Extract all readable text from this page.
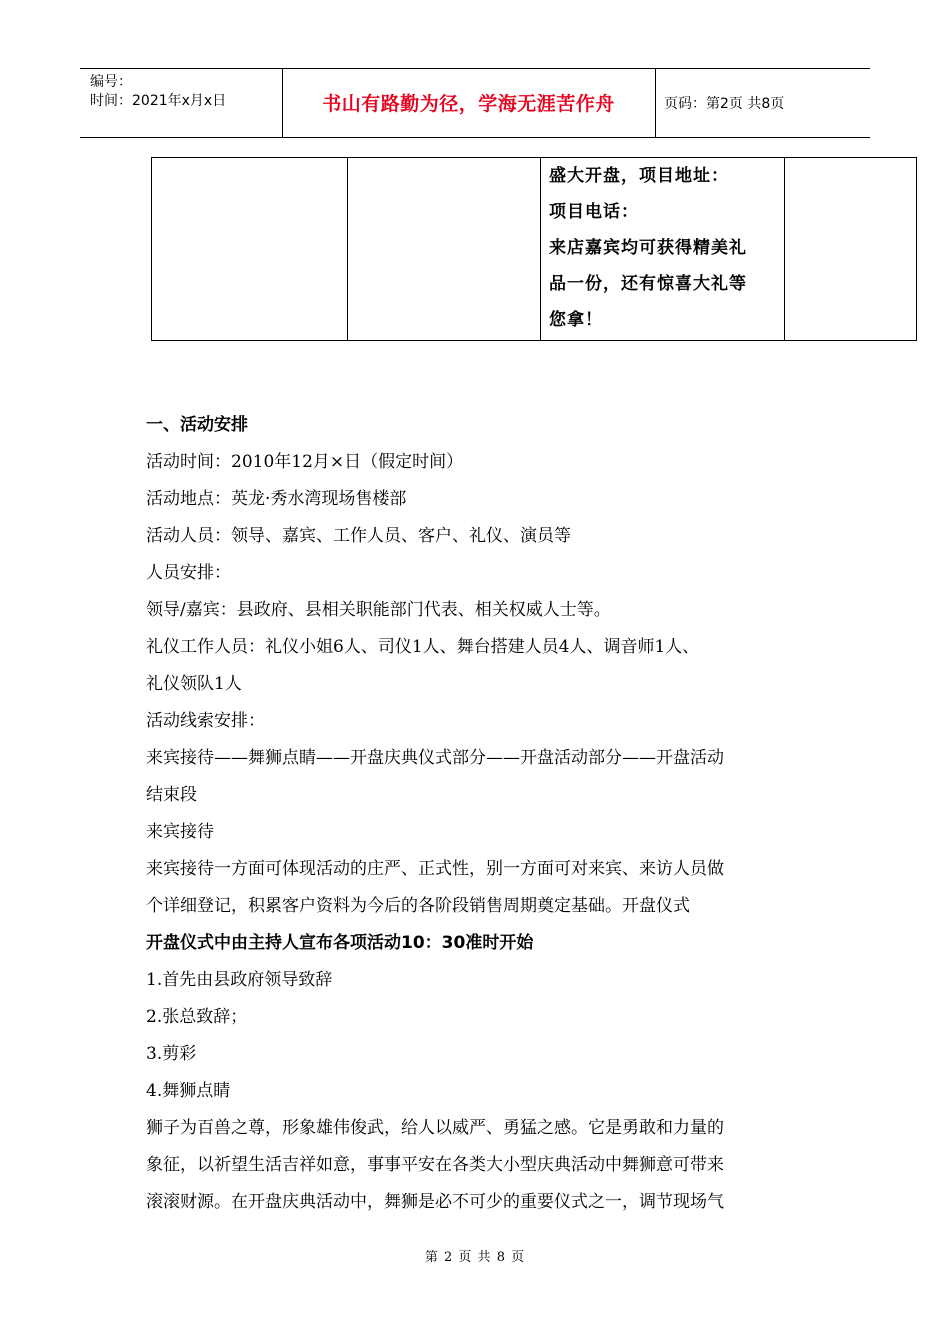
编号：
时间：2021年x月x日	书山有路勤为径，学海无涯苦作舟	页码：第2页 共8页
盛大开盘，项目地址：
项目电话：
来店嘉宾均可获得精美礼
品一份，还有惊喜大礼等
您拿！
一、活动安排
活动时间：2010年12月×日（假定时间）
活动地点：英龙·秀水湾现场售楼部
活动人员：领导、嘉宾、工作人员、客户、礼仪、演员等
人员安排：
领导/嘉宾：县政府、县相关职能部门代表、相关权威人士等。
礼仪工作人员：礼仪小姐6人、司仪1人、舞台搭建人员4人、调音师1人、
礼仪领队1人
活动线索安排：
来宾接待——舞狮点睛——开盘庆典仪式部分——开盘活动部分——开盘活动
结束段
来宾接待
来宾接待一方面可体现活动的庄严、正式性，别一方面可对来宾、来访人员做
个详细登记，积累客户资料为今后的各阶段销售周期奠定基础。开盘仪式
开盘仪式中由主持人宣布各项活动10：30准时开始
1.首先由县政府领导致辞
2.张总致辞；
3.剪彩
4.舞狮点睛
狮子为百兽之尊，形象雄伟俊武，给人以威严、勇猛之感。它是勇敢和力量的
象征，以祈望生活吉祥如意，事事平安在各类大小型庆典活动中舞狮意可带来
滚滚财源。在开盘庆典活动中，舞狮是必不可少的重要仪式之一，调节现场气
第 2 页 共 8 页
